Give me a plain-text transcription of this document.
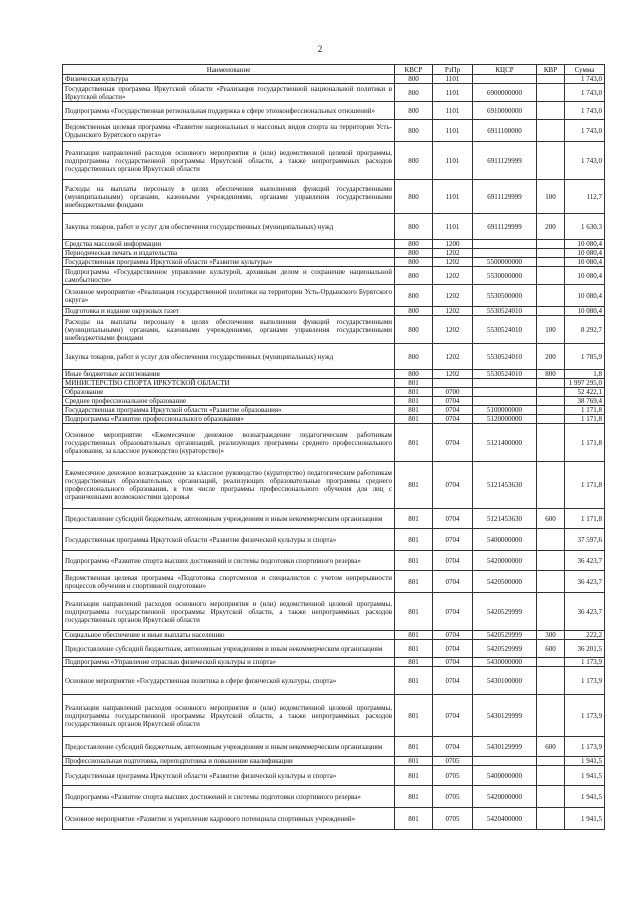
2
Наименование	КВСР	РзПр	КЦСР	КВР	Сумма
Физическая культура	800	1101			1 743,0
Государственная программа Иркутской области «Реализация государственной национальной политики в Иркутской области»	800	1101	6900000000		1 743,0
Подпрограмма «Государственная региональная поддержка в сфере этноконфессиональных отношений»	800	1101	6910000000		1 743,0
Ведомственная целевая программа «Развитие национальных и массовых видов спорта на территории Усть-Ордынского Бурятского округа»	800	1101	6911100000		1 743,0
Реализация направлений расходов основного мероприятия и (или) ведомственной целевой программы, подпрограммы государственной программы Иркутской области, а также непрограммных расходов государственных органов Иркутской области	800	1101	6911129999		1 743,0
Расходы на выплаты персоналу в целях обеспечения выполнения функций государственными (муниципальными) органами, казенными учреждениями, органами управления государственными внебюджетными фондами	800	1101	6911129999	100	112,7
Закупка товаров, работ и услуг для обеспечения государственных (муниципальных) нужд	800	1101	6911129999	200	1 630,3
Средства массовой информации	800	1200			10 080,4
Периодическая печать и издательства	800	1202			10 080,4
Государственная программа Иркутской области «Развитие культуры»	800	1202	5500000000		10 080,4
Подпрограмма «Государственное управление культурой, архивным делом и сохранение национальной самобытности»	800	1202	5530000000		10 080,4
Основное мероприятие «Реализация государственной политики на территории Усть-Ордынского Бурятского округа»	800	1202	5530500000		10 080,4
Подготовка и издание окружных газет	800	1202	5530524010		10 080,4
Расходы на выплаты персоналу в целях обеспечения выполнения функций государственными (муниципальными) органами, казенными учреждениями, органами управления государственными внебюджетными фондами	800	1202	5530524010	100	8 292,7
Закупка товаров, работ и услуг для обеспечения государственных (муниципальных) нужд	800	1202	5530524010	200	1 785,9
Иные бюджетные ассигнования	800	1202	5530524010	800	1,8
МИНИСТЕРСТВО СПОРТА ИРКУТСКОЙ ОБЛАСТИ	801				1 997 295,0
Образование	801	0700			52 422,1
Среднее профессиональное образование	801	0704			38 769,4
Государственная программа Иркутской области «Развитие образования»	801	0704	5100000000		1 171,8
Подпрограмма «Развитие профессионального образования»	801	0704	5120000000		1 171,8
Основное мероприятие «Ежемесячное денежное вознаграждение педагогическим работникам государственных образовательных организаций, реализующих программы среднего профессионального образования, за классное руководство (кураторство)»	801	0704	5121400000		1 171,8
Ежемесячное денежное вознаграждение за классное руководство (кураторство) педагогическим работникам государственных образовательных организаций, реализующих образовательные программы среднего профессионального образования, в том числе программы профессионального обучения для лиц с ограниченными возможностями здоровья	801	0704	5121453630		1 171,8
Предоставление субсидий бюджетным, автономным учреждениям и иным некоммерческим организациям	801	0704	5121453630	600	1 171,8
Государственная программа Иркутской области «Развитие физической культуры и спорта»	801	0704	5400000000		37 597,6
Подпрограмма «Развитие спорта высших достижений и системы подготовки спортивного резерва»	801	0704	5420000000		36 423,7
Ведомственная целевая программа «Подготовка спортсменов и специалистов с учетом непрерывности процессов обучения и спортивной подготовки»	801	0704	5420500000		36 423,7
Реализация направлений расходов основного мероприятия и (или) ведомственной целевой программы, подпрограммы государственной программы Иркутской области, а также непрограммных расходов государственных органов Иркутской области	801	0704	5420529999		36 423,7
Социальное обеспечение и иные выплаты населению	801	0704	5420529999	300	222,2
Предоставление субсидий бюджетным, автономным учреждениям и иным некоммерческим организациям	801	0704	5420529999	600	36 201,5
Подпрограмма «Управление отраслью физической культуры и спорта»	801	0704	5430000000		1 173,9
Основное мероприятие «Государственная политика в сфере физической культуры, спорта»	801	0704	5430100000		1 173,9
Реализация направлений расходов основного мероприятия и (или) ведомственной целевой программы, подпрограммы государственной программы Иркутской области, а также непрограммных расходов государственных органов Иркутской области	801	0704	5430129999		1 173,9
Предоставление субсидий бюджетным, автономным учреждениям и иным некоммерческим организациям	801	0704	5430129999	600	1 173,9
Профессиональная подготовка, переподготовка и повышение квалификации	801	0705			1 941,5
Государственная программа Иркутской области «Развитие физической культуры и спорта»	801	0705	5400000000		1 941,5
Подпрограмма «Развитие спорта высших достижений и системы подготовки спортивного резерва»	801	0705	5420000000		1 941,5
Основное мероприятие «Развитие и укрепление кадрового потенциала спортивных учреждений»	801	0705	5420400000		1 941,5
